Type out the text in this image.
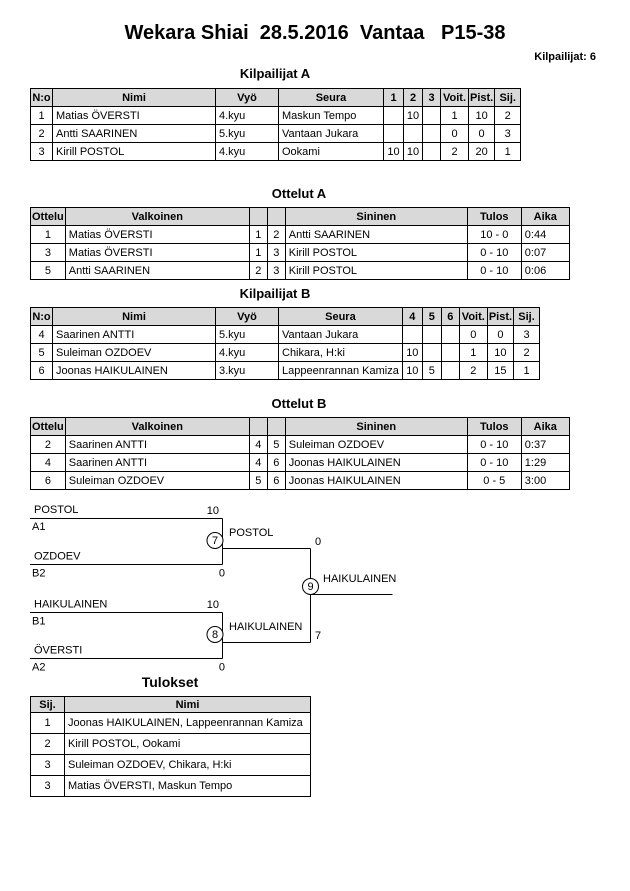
Wekara Shiai  28.5.2016  Vantaa   P15-38
Kilpailijat: 6
Kilpailijat A
N:o	Nimi	Vyö	Seura	1	2	3	Voit.	Pist.	Sij.
1	Matias ÖVERSTI	4.kyu	Maskun Tempo		10		1	10	2
2	Antti SAARINEN	5.kyu	Vantaan Jukara				0	0	3
3	Kirill POSTOL	4.kyu	Ookami	10	10		2	20	1
Ottelut A
Ottelu	Valkoinen			Sininen	Tulos	Aika
1	Matias ÖVERSTI	1	2	Antti SAARINEN	10 - 0	0:44
3	Matias ÖVERSTI	1	3	Kirill POSTOL	0 - 10	0:07
5	Antti SAARINEN	2	3	Kirill POSTOL	0 - 10	0:06
Kilpailijat B
N:o	Nimi	Vyö	Seura	4	5	6	Voit.	Pist.	Sij.
4	Saarinen ANTTI	5.kyu	Vantaan Jukara				0	0	3
5	Suleiman OZDOEV	4.kyu	Chikara, H:ki	10			1	10	2
6	Joonas HAIKULAINEN	3.kyu	Lappeenrannan Kamiza	10	5		2	15	1
Ottelut B
Ottelu	Valkoinen			Sininen	Tulos	Aika
2	Saarinen ANTTI	4	5	Suleiman OZDOEV	0 - 10	0:37
4	Saarinen ANTTI	4	6	Joonas HAIKULAINEN	0 - 10	1:29
6	Suleiman OZDOEV	5	6	Joonas HAIKULAINEN	0 - 5	3:00
POSTOL
A1
10
OZDOEV
B2	0
7
POSTOL
0
HAIKULAINEN
B1
10
ÖVERSTI
A2	0
8
HAIKULAINEN
7
9
HAIKULAINEN
Tulokset
Sij.	Nimi
1	Joonas HAIKULAINEN, Lappeenrannan Kamiza
2	Kirill POSTOL, Ookami
3	Suleiman OZDOEV, Chikara, H:ki
3	Matias ÖVERSTI, Maskun Tempo
